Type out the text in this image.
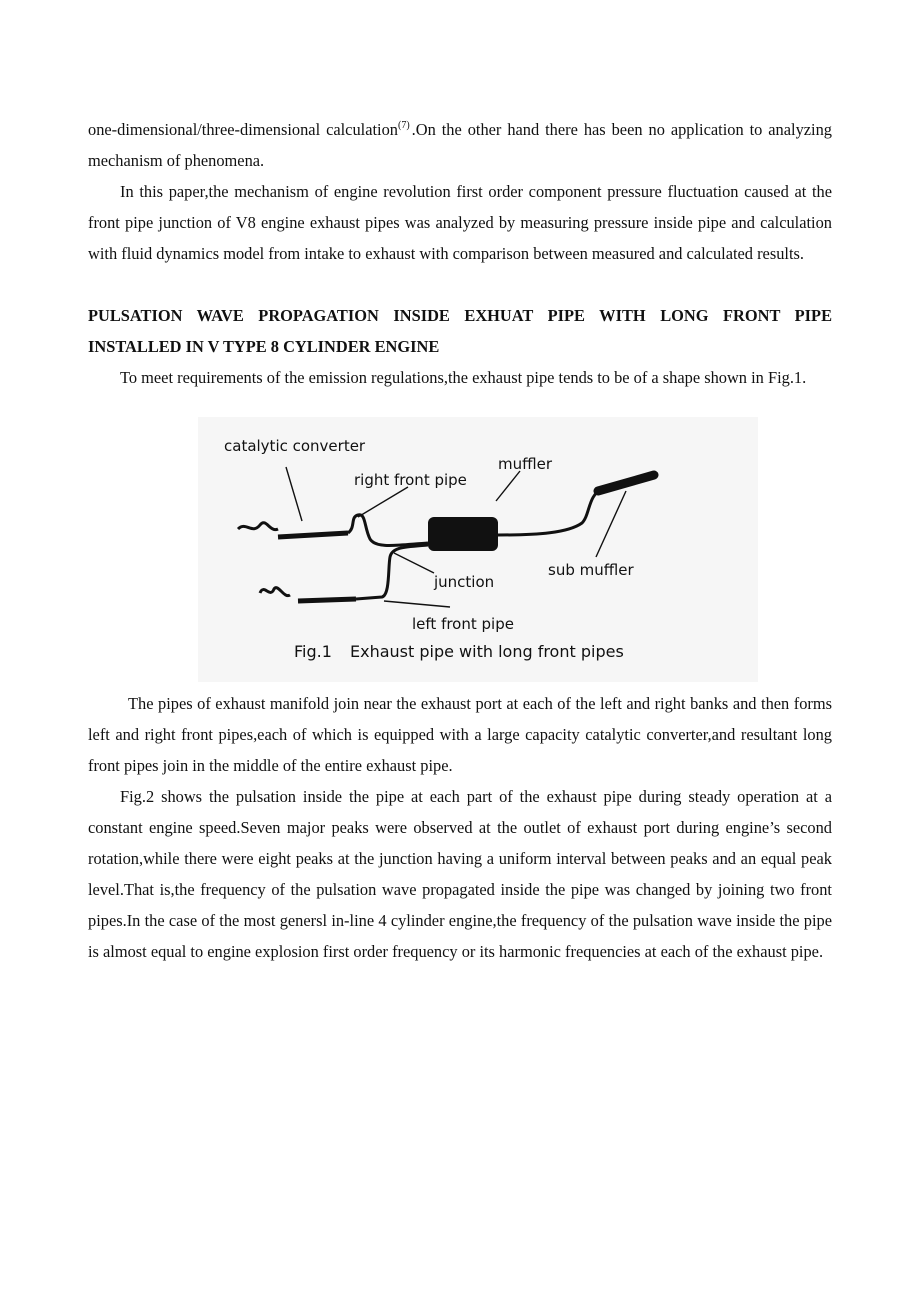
one-dimensional/three-dimensional calculation$^{(7)}$ .On the other hand there has been no application to analyzing mechanism of phenomena.

In this paper,the mechanism of engine revolution first order component pressure fluctuation caused at the front pipe junction of V8 engine exhaust pipes was analyzed by measuring pressure inside pipe and calculation with fluid dynamics model from intake to exhaust with comparison between measured and calculated results.

PULSATION WAVE PROPAGATION INSIDE EXHUAT PIPE WITH LONG FRONT PIPE INSTALLED IN V TYPE 8 CYLINDER ENGINE

To meet requirements of the emission regulations,the exhaust pipe tends to be of a shape shown in Fig.1.

catalytic converter
right front pipe
muffler
junction
sub muffler
left front pipe
Fig.1 Exhaust pipe with long front pipes

The pipes of exhaust manifold join near the exhaust port at each of the left and right banks and then forms left and right front pipes,each of which is equipped with a large capacity catalytic converter,and resultant long front pipes join in the middle of the entire exhaust pipe.

Fig.2 shows the pulsation inside the pipe at each part of the exhaust pipe during steady operation at a constant engine speed.Seven major peaks were observed at the outlet of exhaust port during engine’s second rotation,while there were eight peaks at the junction having a uniform interval between peaks and an equal peak level.That is,the frequency of the pulsation wave propagated inside the pipe was changed by joining two front pipes.In the case of the most genersl in-line 4 cylinder engine,the frequency of the pulsation wave inside the pipe is almost equal to engine explosion first order frequency or its harmonic frequencies at each of the exhaust pipe.
